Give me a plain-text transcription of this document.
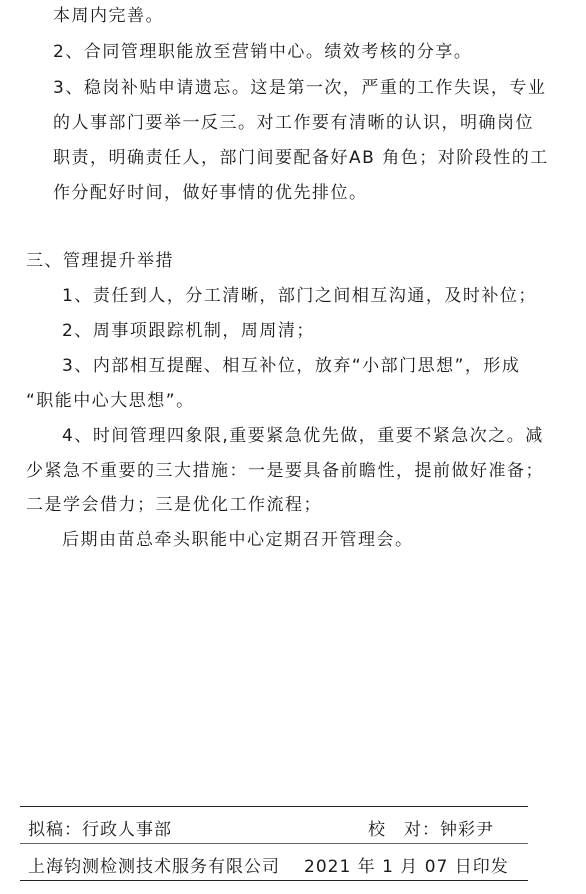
本周内完善。
2、合同管理职能放至营销中心。绩效考核的分享。
3、稳岗补贴申请遗忘。这是第一次，严重的工作失误，专业
的人事部门要举一反三。对工作要有清晰的认识，明确岗位
职责，明确责任人，部门间要配备好AB 角色；对阶段性的工
作分配好时间，做好事情的优先排位。
三、管理提升举措
1、责任到人，分工清晰，部门之间相互沟通，及时补位；
2、周事项跟踪机制，周周清；
3、内部相互提醒、相互补位，放弃“小部门思想”，形成
“职能中心大思想”。
4、时间管理四象限,重要紧急优先做，重要不紧急次之。减
少紧急不重要的三大措施：一是要具备前瞻性，提前做好准备；
二是学会借力；三是优化工作流程；
后期由苗总牵头职能中心定期召开管理会。
拟稿：行政人事部	校　对：钟彩尹
上海钧测检测技术服务有限公司 2021 年 1 月 07 日印发
